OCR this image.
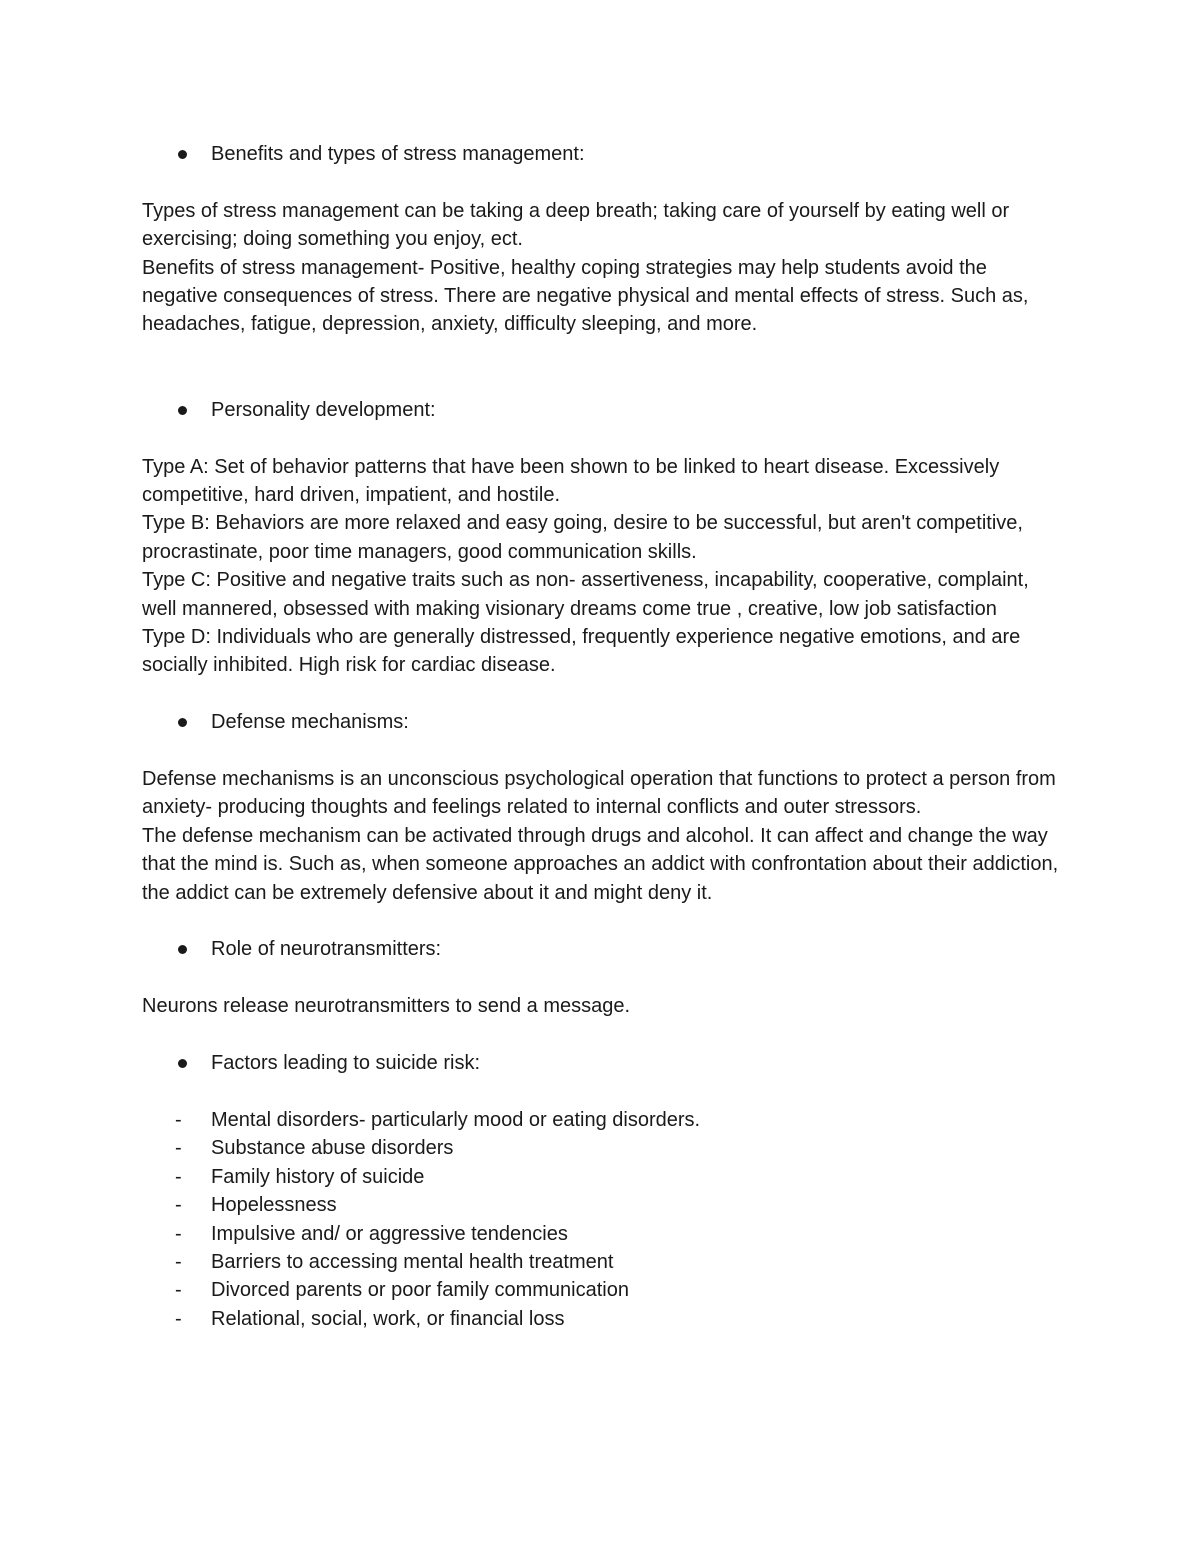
Benefits and types of stress management:

Types of stress management can be taking a deep breath; taking care of yourself by eating well or exercising; doing something you enjoy, ect.

Benefits of stress management- Positive, healthy coping strategies may help students avoid the negative consequences of stress. There are negative physical and mental effects of stress. Such as, headaches, fatigue, depression, anxiety, difficulty sleeping, and more.

Personality development:

Type A: Set of behavior patterns that have been shown to be linked to heart disease. Excessively competitive, hard driven, impatient, and hostile.

Type B: Behaviors are more relaxed and easy going, desire to be successful, but aren't competitive, procrastinate, poor time managers, good communication skills.

Type C: Positive and negative traits such as non- assertiveness, incapability, cooperative, complaint, well mannered, obsessed with making visionary dreams come true , creative, low job satisfaction

Type D: Individuals who are generally distressed, frequently experience negative emotions, and are socially inhibited. High risk for cardiac disease.

Defense mechanisms:

Defense mechanisms is an unconscious psychological operation that functions to protect a person from anxiety- producing thoughts and feelings related to internal conflicts and outer stressors.

The defense mechanism can be activated through drugs and alcohol. It can affect and change the way that the mind is. Such as, when someone approaches an addict with confrontation about their addiction, the addict can be extremely defensive about it and might deny it.

Role of neurotransmitters:

Neurons release neurotransmitters to send a message.

Factors leading to suicide risk:

- Mental disorders- particularly mood or eating disorders.
- Substance abuse disorders
- Family history of suicide
- Hopelessness
- Impulsive and/ or aggressive tendencies
- Barriers to accessing mental health treatment
- Divorced parents or poor family communication
- Relational, social, work, or financial loss
